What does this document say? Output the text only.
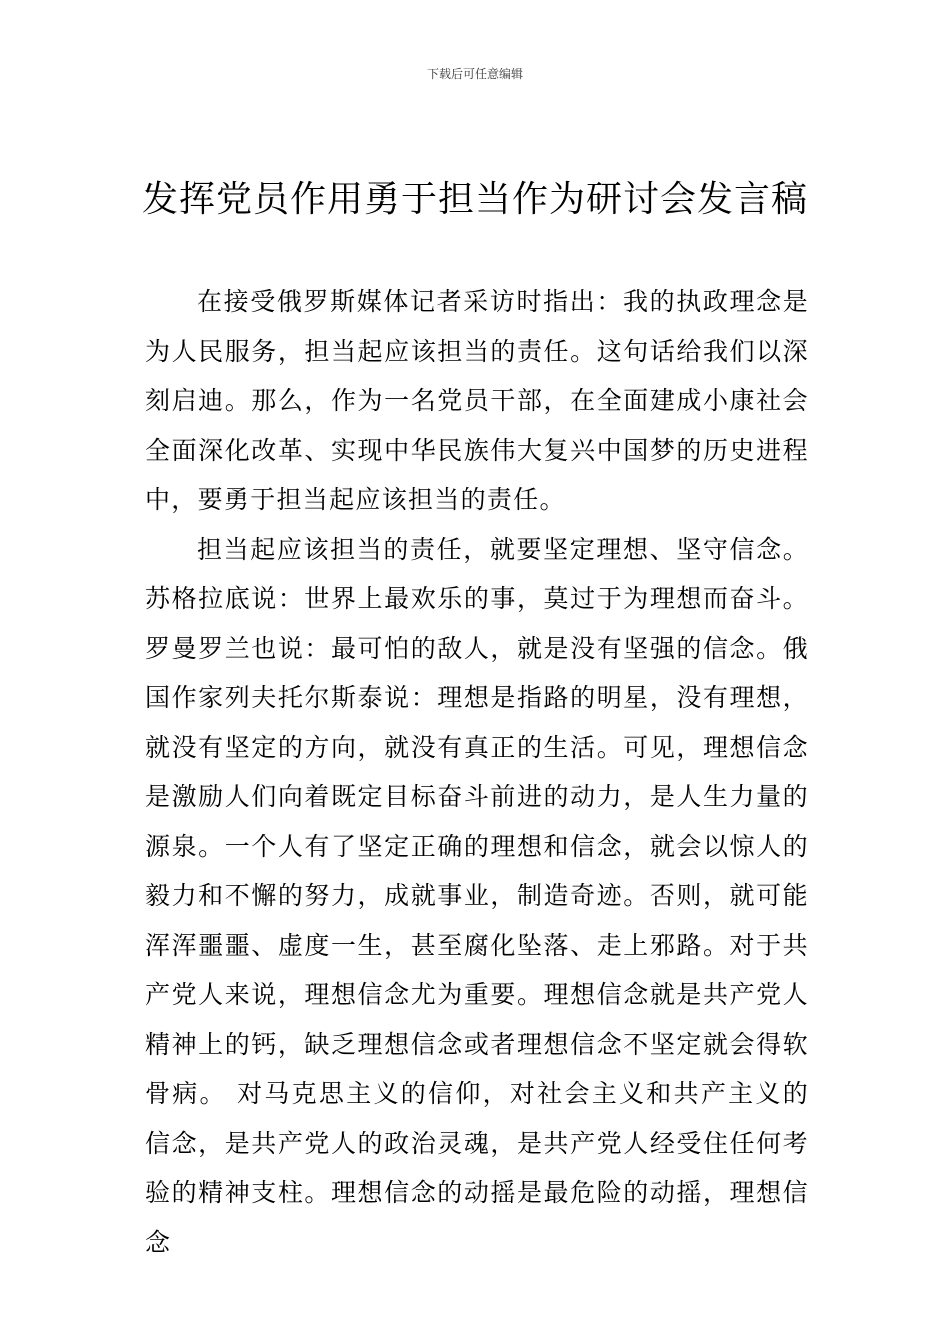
下载后可任意编辑
发挥党员作用勇于担当作为研讨会发言稿

在接受俄罗斯媒体记者采访时指出：我的执政理念是为人民服务，担当起应该担当的责任。这句话给我们以深刻启迪。那么，作为一名党员干部，在全面建成小康社会全面深化改革、实现中华民族伟大复兴中国梦的历史进程中，要勇于担当起应该担当的责任。

担当起应该担当的责任，就要坚定理想、坚守信念。苏格拉底说：世界上最欢乐的事，莫过于为理想而奋斗。罗曼罗兰也说：最可怕的敌人，就是没有坚强的信念。俄国作家列夫托尔斯泰说：理想是指路的明星，没有理想，就没有坚定的方向，就没有真正的生活。可见，理想信念是激励人们向着既定目标奋斗前进的动力，是人生力量的源泉。一个人有了坚定正确的理想和信念，就会以惊人的毅力和不懈的努力，成就事业，制造奇迹。否则，就可能浑浑噩噩、虚度一生，甚至腐化坠落、走上邪路。对于共产党人来说，理想信念尤为重要。理想信念就是共产党人精神上的钙，缺乏理想信念或者理想信念不坚定就会得软骨病。 对马克思主义的信仰，对社会主义和共产主义的信念，是共产党人的政治灵魂，是共产党人经受住任何考验的精神支柱。理想信念的动摇是最危险的动摇，理想信念
